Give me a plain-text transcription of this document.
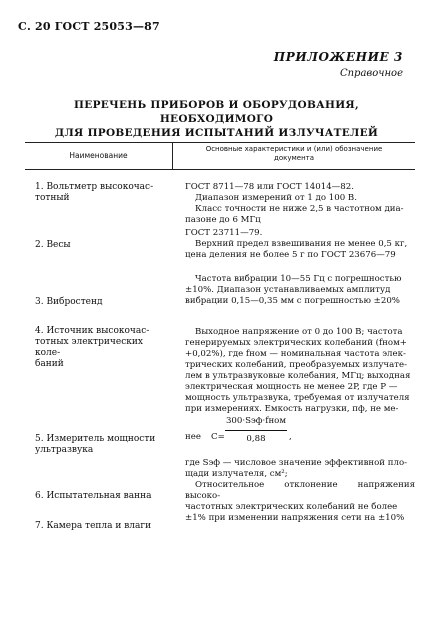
С. 20 ГОСТ 25053—87
ПРИЛОЖЕНИЕ 3
Справочное
ПЕРЕЧЕНЬ ПРИБОРОВ И ОБОРУДОВАНИЯ, НЕОБХОДИМОГО
ДЛЯ ПРОВЕДЕНИЯ ИСПЫТАНИЙ ИЗЛУЧАТЕЛЕЙ
Наименование
Основные характеристики и (или) обозначение
документа
1. Вольтметр высокочас-
тотный
2. Весы
3. Вибростенд
4. Источник высокочас-
тотных электрических коле-
баний
5. Измеритель мощности
ультразвука
6. Испытательная ванна
7. Камера тепла и влаги

ГОСТ 8711—78 или ГОСТ 14014—82.

Диапазон измерений от 1 до 100 В.

Класс точности не ниже 2,5 в частотном диа-

пазоне до 6 МГц

ГОСТ 23711—79.

Верхний предел взвешивания не менее 0,5 кг,

цена деления не более 5 г по ГОСТ 23676—79

Частота вибрации 10—55 Гц с погрешностью

±10%. Диапазон устанавливаемых амплитуд

вибрации 0,15—0,35 мм с погрешностью ±20%

Выходное напряжение от 0 до 100 В; частота

генерируемых электрических колебаний (fном+

+0,02%), где fном — номинальная частота элек-

трических колебаний, преобразуемых излучате-

лем в ультразвуковые колебания, МГц; выходная

электрическая мощность не менее 2P, где P —

мощность ультразвука, требуемая от излучателя

при измерениях. Емкость нагрузки, пф, не ме-

нее C=
300·Sэф·fном
0,88	,

где Sэф — числовое значение эффективной пло-

щади излучателя, см²;

Относительное отклонение напряжения высоко-

частотных электрических колебаний не более

±1% при изменении напряжения сети на ±10%
